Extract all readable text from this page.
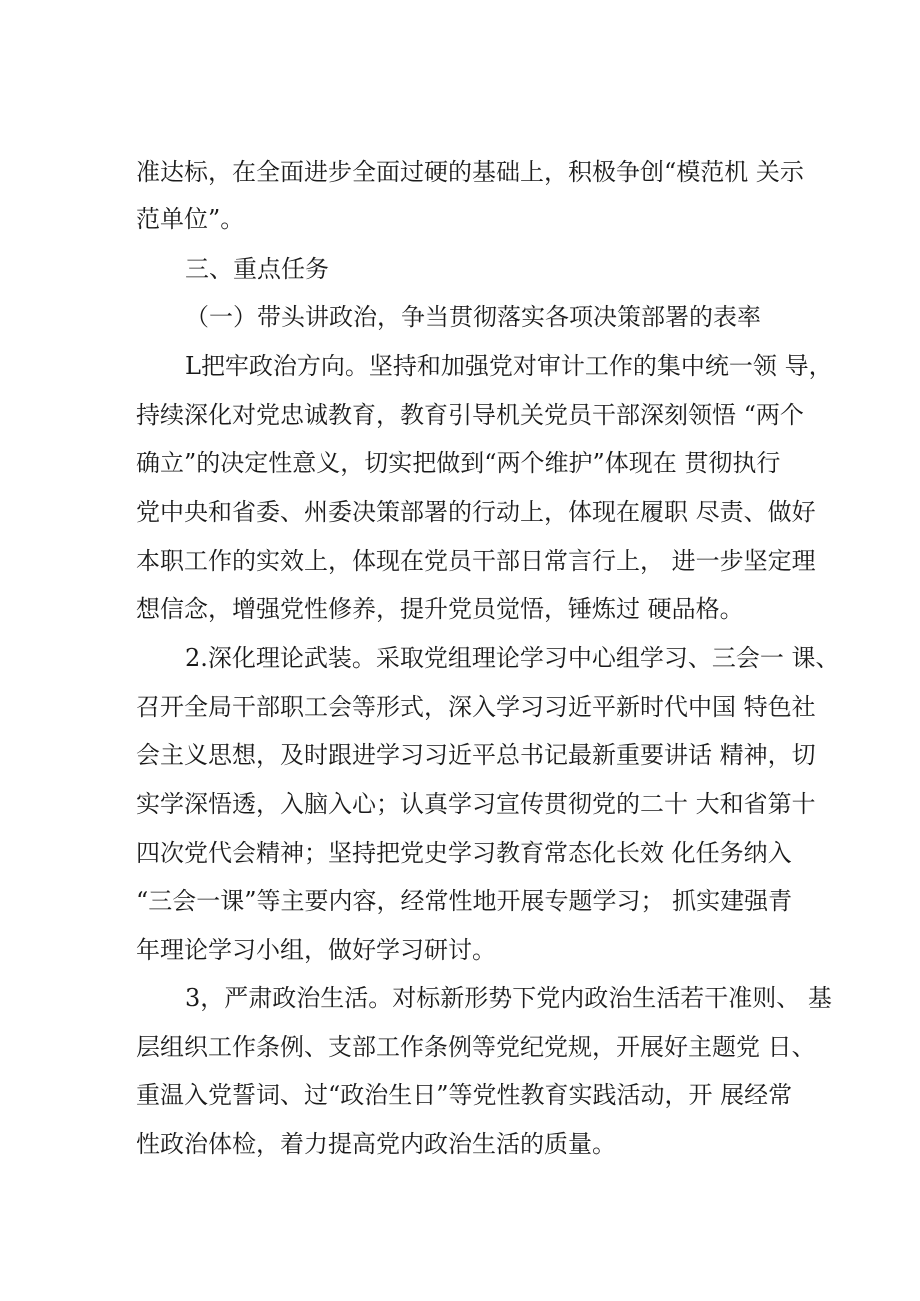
准达标，在全面进步全面过硬的基础上，积极争创“模范机 关示
范单位”。
三、重点任务
（一）带头讲政治，争当贯彻落实各项决策部署的表率
L把牢政治方向。坚持和加强党对审计工作的集中统一领 导，
持续深化对党忠诚教育，教育引导机关党员干部深刻领悟 “两个
确立”的决定性意义，切实把做到“两个维护”体现在 贯彻执行
党中央和省委、州委决策部署的行动上，体现在履职 尽责、做好
本职工作的实效上，体现在党员干部日常言行上， 进一步坚定理
想信念，增强党性修养，提升党员觉悟，锤炼过 硬品格。
2.深化理论武装。采取党组理论学习中心组学习、三会一 课、
召开全局干部职工会等形式，深入学习习近平新时代中国 特色社
会主义思想，及时跟进学习习近平总书记最新重要讲话 精神，切
实学深悟透，入脑入心；认真学习宣传贯彻党的二十 大和省第十
四次党代会精神；坚持把党史学习教育常态化长效 化任务纳入
“三会一课”等主要内容，经常性地开展专题学习； 抓实建强青
年理论学习小组，做好学习研讨。
3，严肃政治生活。对标新形势下党内政治生活若干准则、 基
层组织工作条例、支部工作条例等党纪党规，开展好主题党 日、
重温入党誓词、过“政治生日”等党性教育实践活动，开 展经常
性政治体检，着力提高党内政治生活的质量。
